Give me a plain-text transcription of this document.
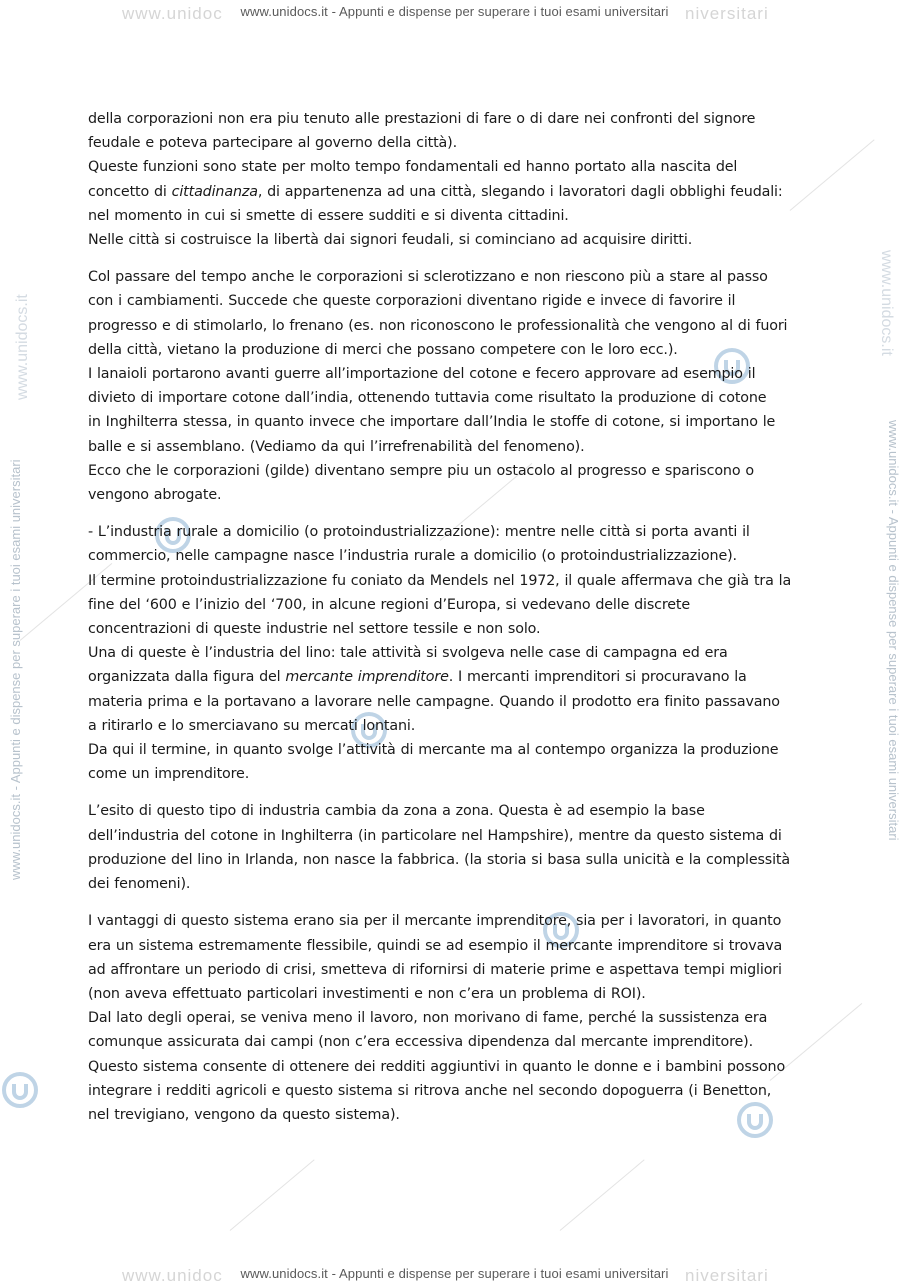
www.unidoc	niversitari
www.unidoc	niversitari
www.unidocs.it - Appunti e dispense per superare i tuoi esami universitari
www.unidocs.it - Appunti e dispense per superare i tuoi esami universitari
www.unidocs.it - Appunti e dispense per superare i tuoi esami universitari	www.unidocs.it - Appunti e dispense per superare i tuoi esami universitari
www.unidocs.it	www.unidocs.it

della corporazioni non era piu tenuto alle prestazioni di fare o di dare nei confronti del signore
feudale e poteva partecipare al governo della città).
Queste funzioni sono state per molto tempo fondamentali ed hanno portato alla nascita del
concetto di cittadinanza, di appartenenza ad una città, slegando i lavoratori dagli obblighi feudali:
nel momento in cui si smette di essere sudditi e si diventa cittadini.
Nelle città si costruisce la libertà dai signori feudali, si cominciano ad acquisire diritti.

Col passare del tempo anche le corporazioni si sclerotizzano e non riescono più a stare al passo
con i cambiamenti. Succede che queste corporazioni diventano rigide e invece di favorire il
progresso e di stimolarlo, lo frenano (es. non riconoscono le professionalità che vengono al di fuori
della città, vietano la produzione di merci che possano competere con le loro ecc.).
I lanaioli portarono avanti guerre all’importazione del cotone e fecero approvare ad esempio il
divieto di importare cotone dall’india, ottenendo tuttavia come risultato la produzione di cotone
in Inghilterra stessa, in quanto invece che importare dall’India le stoffe di cotone, si importano le
balle e si assemblano. (Vediamo da qui l’irrefrenabilità del fenomeno).
Ecco che le corporazioni (gilde) diventano sempre piu un ostacolo al progresso e spariscono o
vengono abrogate.

- L’industria rurale a domicilio (o protoindustrializzazione): mentre nelle città si porta avanti il
commercio, nelle campagne nasce l’industria rurale a domicilio (o protoindustrializzazione).
Il termine protoindustrializzazione fu coniato da Mendels nel 1972, il quale affermava che già tra la
fine del ‘600 e l’inizio del ‘700, in alcune regioni d’Europa, si vedevano delle discrete
concentrazioni di queste industrie nel settore tessile e non solo.
Una di queste è l’industria del lino: tale attività si svolgeva nelle case di campagna ed era
organizzata dalla figura del mercante imprenditore. I mercanti imprenditori si procuravano la
materia prima e la portavano a lavorare nelle campagne. Quando il prodotto era finito passavano
a ritirarlo e lo smerciavano su mercati lontani.
Da qui il termine, in quanto svolge l’attività di mercante ma al contempo organizza la produzione
come un imprenditore.

L’esito di questo tipo di industria cambia da zona a zona. Questa è ad esempio la base
dell’industria del cotone in Inghilterra (in particolare nel Hampshire), mentre da questo sistema di
produzione del lino in Irlanda, non nasce la fabbrica. (la storia si basa sulla unicità e la complessità
dei fenomeni).

I vantaggi di questo sistema erano sia per il mercante imprenditore, sia per i lavoratori, in quanto
era un sistema estremamente flessibile, quindi se ad esempio il mercante imprenditore si trovava
ad affrontare un periodo di crisi, smetteva di rifornirsi di materie prime e aspettava tempi migliori
(non aveva effettuato particolari investimenti e non c’era un problema di ROI).
Dal lato degli operai, se veniva meno il lavoro, non morivano di fame, perché la sussistenza era
comunque assicurata dai campi (non c’era eccessiva dipendenza dal mercante imprenditore).
Questo sistema consente di ottenere dei redditi aggiuntivi in quanto le donne e i bambini possono
integrare i redditi agricoli e questo sistema si ritrova anche nel secondo dopoguerra (i Benetton,
nel trevigiano, vengono da questo sistema).
